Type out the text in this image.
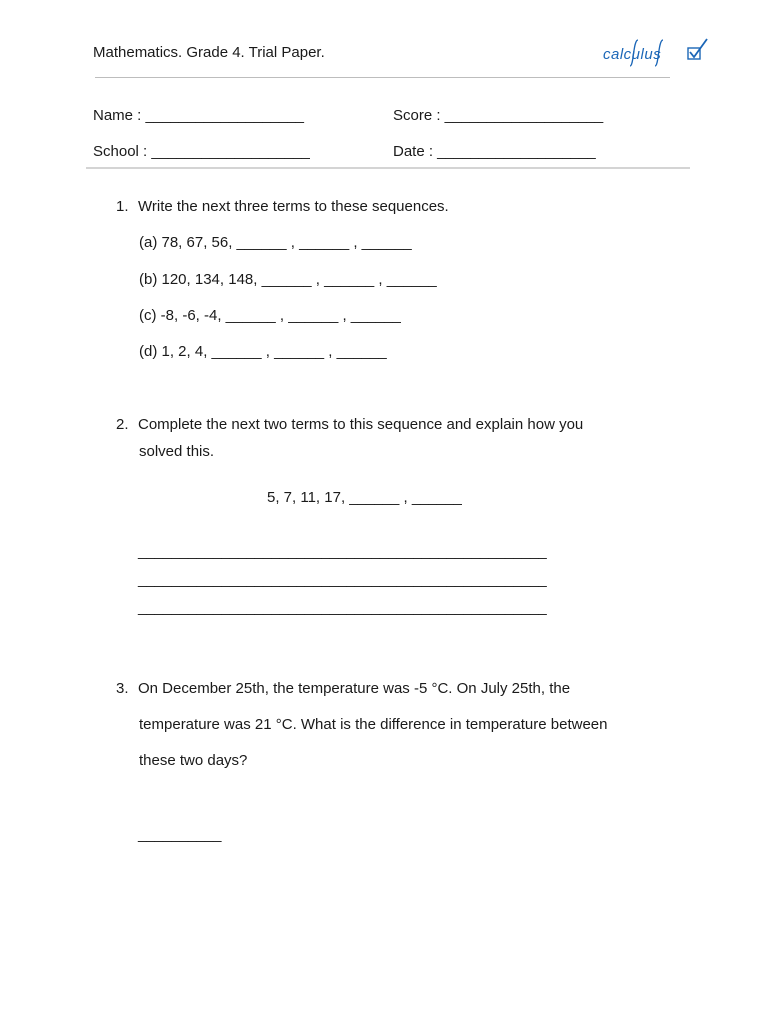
Mathematics. Grade 4. Trial Paper.	calculus
Name : ___________________	Score : ___________________
School : ___________________	Date : ___________________
1. Write the next three terms to these sequences.
(a) 78, 67, 56, ______ , ______ , ______
(b) 120, 134, 148, ______ , ______ , ______
(c) -8, -6, -4, ______ , ______ , ______
(d) 1, 2, 4, ______ , ______ , ______
2. Complete the next two terms to this sequence and explain how you
solved this.
5, 7, 11, 17, ______ , ______
_________________________________________________
_________________________________________________
_________________________________________________
3. On December 25th, the temperature was -5 °C. On July 25th, the
temperature was 21 °C. What is the difference in temperature between
these two days?
__________
